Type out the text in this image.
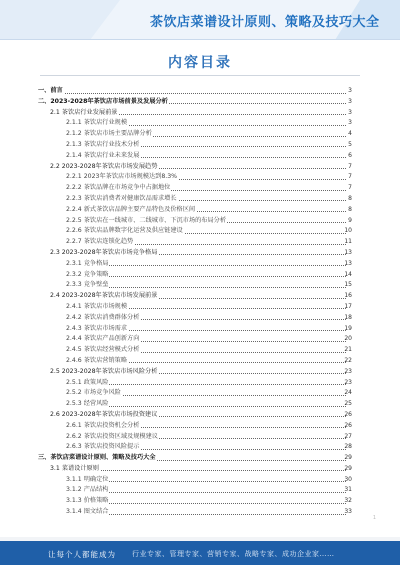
茶饮店菜谱设计原则、策略及技巧大全
内容目录
一、前言	3
二、2023-2028年茶饮店市场前景及发展分析	3
2.1 茶饮店行业发展前景	3
2.1.1 茶饮店行业规模	3
2.1.2 茶饮店市场主要品牌分析	4
2.1.3 茶饮店行业技术分析	5
2.1.4 茶饮店行业未来发展	6
2.2 2023-2028年茶饮店市场发展趋势	7
2.2.1 2023年茶饮店市场规模达到8.3%	7
2.2.2 茶饮品牌在市场竞争中占据地位	7
2.2.3 茶饮店消费者对健康饮品需求增长	8
2.2.4 新式茶饮店品牌主要产品特色及价格区间	8
2.2.5 茶饮店在一线城市、二线城市、下沉市场的布局分析	9
2.2.6 茶饮店品牌数字化运营及供应链建设	10
2.2.7 茶饮店连锁化趋势	11
2.3 2023-2028年茶饮店市场竞争格局	13
2.3.1 竞争格局	13
2.3.2 竞争策略	14
2.3.3 竞争壁垒	15
2.4 2023-2028年茶饮店市场发展前景	16
2.4.1 茶饮店市场规模	17
2.4.2 茶饮店消费群体分析	18
2.4.3 茶饮店市场需求	19
2.4.4 茶饮店产品创新方向	20
2.4.5 茶饮店经营模式分析	21
2.4.6 茶饮店营销策略	22
2.5 2023-2028年茶饮店市场风险分析	23
2.5.1 政策风险	23
2.5.2 市场竞争风险	24
2.5.3 经营风险	25
2.6 2023-2028年茶饮店市场投资建议	26
2.6.1 茶饮店投资机会分析	26
2.6.2 茶饮店投资区域及规模建议	27
2.6.3 茶饮店投资风险提示	28
三、茶饮店菜谱设计原则、策略及技巧大全	29
3.1 菜谱设计原则	29
3.1.1 明确定位	30
3.1.2 产品结构	31
3.1.3 价格策略	32
3.1.4 图文结合	33
1
让每个人都能成为 行业专家、管理专家、营销专家、战略专家、成功企业家……
